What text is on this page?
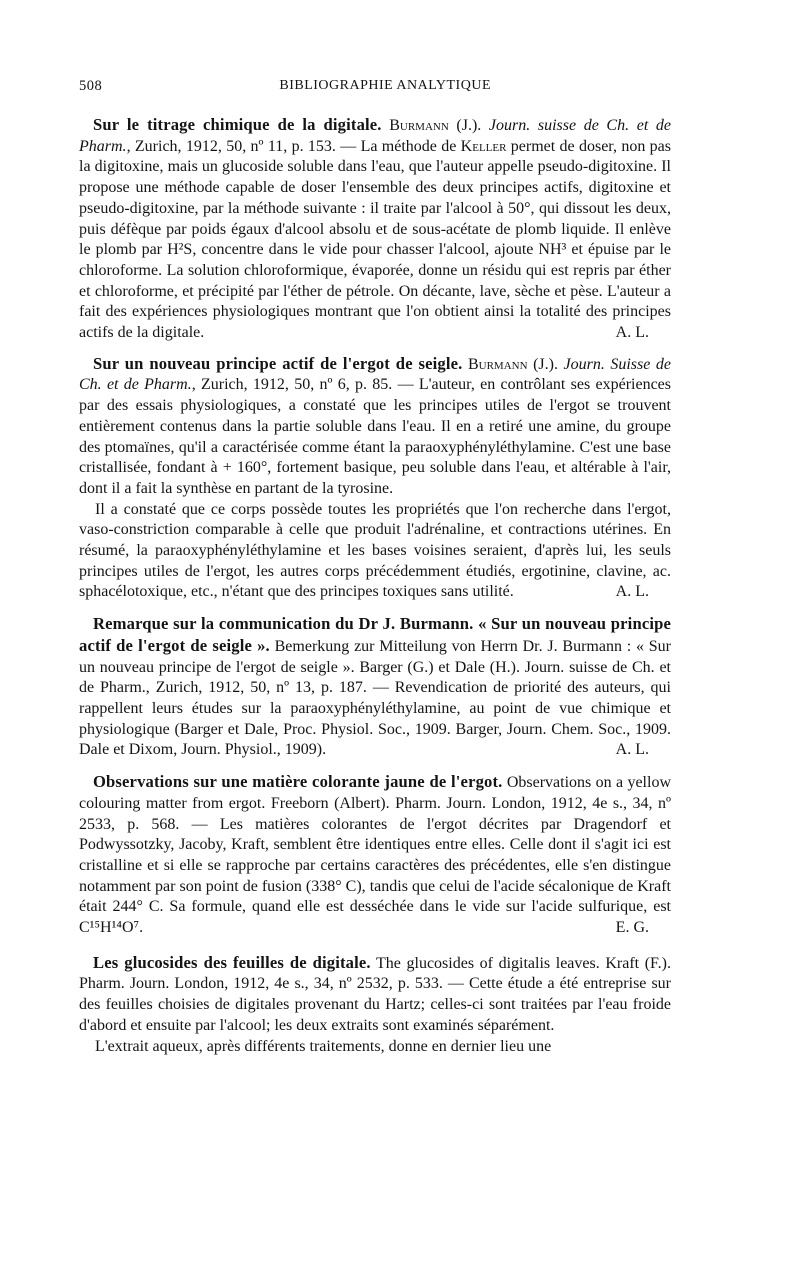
508	BIBLIOGRAPHIE ANALYTIQUE

Sur le titrage chimique de la digitale. Burmann (J.). Journ. suisse de Ch. et de Pharm., Zurich, 1912, 50, nº 11, p. 153. — La méthode de Keller permet de doser, non pas la digitoxine, mais un glucoside soluble dans l'eau, que l'auteur appelle pseudo-digitoxine. Il propose une méthode capable de doser l'ensemble des deux principes actifs, digitoxine et pseudo-digitoxine, par la méthode suivante : il traite par l'alcool à 50°, qui dissout les deux, puis défèque par poids égaux d'alcool absolu et de sous-acétate de plomb liquide. Il enlève le plomb par H²S, concentre dans le vide pour chasser l'alcool, ajoute NH³ et épuise par le chloroforme. La solution chloroformique, évaporée, donne un résidu qui est repris par éther et chloroforme, et précipité par l'éther de pétrole. On décante, lave, sèche et pèse. L'auteur a fait des expériences physiologiques montrant que l'on obtient ainsi la totalité des principes actifs de la digitale.	A. L.

Sur un nouveau principe actif de l'ergot de seigle. Burmann (J.). Journ. Suisse de Ch. et de Pharm., Zurich, 1912, 50, nº 6, p. 85. — L'auteur, en contrôlant ses expériences par des essais physiologiques, a constaté que les principes utiles de l'ergot se trouvent entièrement contenus dans la partie soluble dans l'eau. Il en a retiré une amine, du groupe des ptomaïnes, qu'il a caractérisée comme étant la paraoxyphényléthylamine. C'est une base cristallisée, fondant à + 160°, fortement basique, peu soluble dans l'eau, et altérable à l'air, dont il a fait la synthèse en partant de la tyrosine.

Il a constaté que ce corps possède toutes les propriétés que l'on recherche dans l'ergot, vaso-constriction comparable à celle que produit l'adrénaline, et contractions utérines. En résumé, la paraoxyphényléthylamine et les bases voisines seraient, d'après lui, les seuls principes utiles de l'ergot, les autres corps précédemment étudiés, ergotinine, clavine, ac. sphacélotoxique, etc., n'étant que des principes toxiques sans utilité.	A. L.

Remarque sur la communication du Dr J. Burmann. « Sur un nouveau principe actif de l'ergot de seigle ». Bemerkung zur Mitteilung von Herrn Dr. J. Burmann : « Sur un nouveau principe de l'ergot de seigle ». Barger (G.) et Dale (H.). Journ. suisse de Ch. et de Pharm., Zurich, 1912, 50, nº 13, p. 187. — Revendication de priorité des auteurs, qui rappellent leurs études sur la paraoxyphényléthylamine, au point de vue chimique et physiologique (Barger et Dale, Proc. Physiol. Soc., 1909. Barger, Journ. Chem. Soc., 1909. Dale et Dixom, Journ. Physiol., 1909).	A. L.

Observations sur une matière colorante jaune de l'ergot. Observations on a yellow colouring matter from ergot. Freeborn (Albert). Pharm. Journ. London, 1912, 4e s., 34, nº 2533, p. 568. — Les matières colorantes de l'ergot décrites par Dragendorf et Podwyssotzky, Jacoby, Kraft, semblent être identiques entre elles. Celle dont il s'agit ici est cristalline et si elle se rapproche par certains caractères des précédentes, elle s'en distingue notamment par son point de fusion (338° C), tandis que celui de l'acide sécalonique de Kraft était 244° C. Sa formule, quand elle est desséchée dans le vide sur l'acide sulfurique, est C¹⁵H¹⁴O⁷.	E. G.

Les glucosides des feuilles de digitale. The glucosides of digitalis leaves. Kraft (F.). Pharm. Journ. London, 1912, 4e s., 34, nº 2532, p. 533. — Cette étude a été entreprise sur des feuilles choisies de digitales provenant du Hartz; celles-ci sont traitées par l'eau froide d'abord et ensuite par l'alcool; les deux extraits sont examinés séparément.

L'extrait aqueux, après différents traitements, donne en dernier lieu une
